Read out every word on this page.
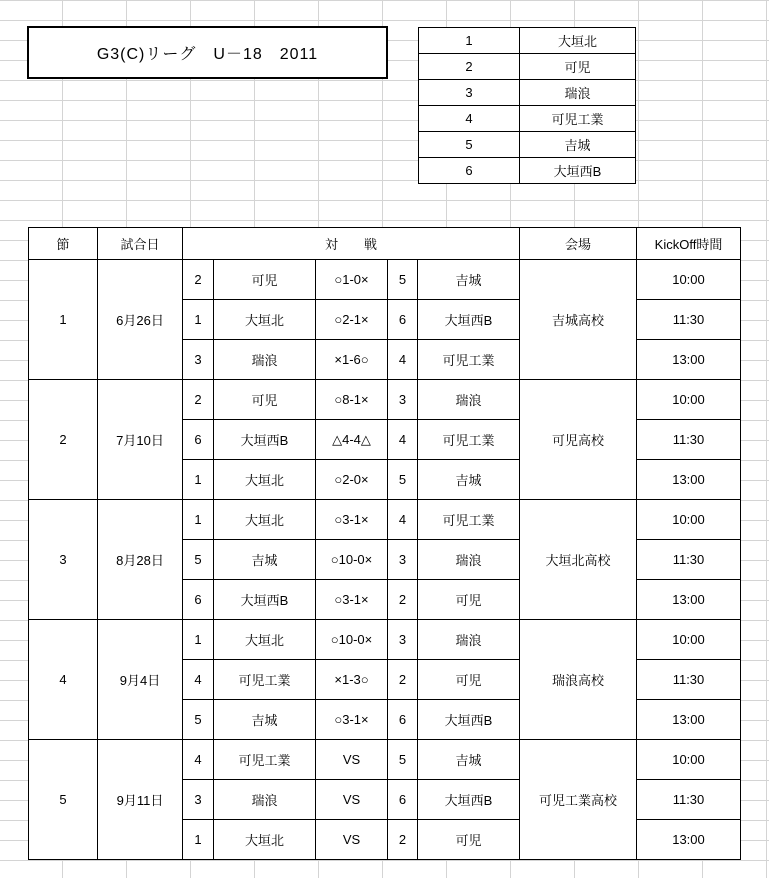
G3(C)リーグ　U－18　2011
1	大垣北
2	可児
3	瑞浪
4	可児工業
5	吉城
6	大垣西B
節	試合日	対　　戦					会場	KickOff時間
1	6月26日	2	可児	○1-0×	5	吉城	吉城高校	10:00
		1	大垣北	○2-1×	6	大垣西B		11:30
		3	瑞浪	×1-6○	4	可児工業		13:00
2	7月10日	2	可児	○8-1×	3	瑞浪	可児高校	10:00
		6	大垣西B	△4-4△	4	可児工業		11:30
		1	大垣北	○2-0×	5	吉城		13:00
3	8月28日	1	大垣北	○3-1×	4	可児工業	大垣北高校	10:00
		5	吉城	○10-0×	3	瑞浪		11:30
		6	大垣西B	○3-1×	2	可児		13:00
4	9月4日	1	大垣北	○10-0×	3	瑞浪	瑞浪高校	10:00
		4	可児工業	×1-3○	2	可児		11:30
		5	吉城	○3-1×	6	大垣西B		13:00
5	9月11日	4	可児工業	VS	5	吉城	可児工業高校	10:00
		3	瑞浪	VS	6	大垣西B		11:30
		1	大垣北	VS	2	可児		13:00
